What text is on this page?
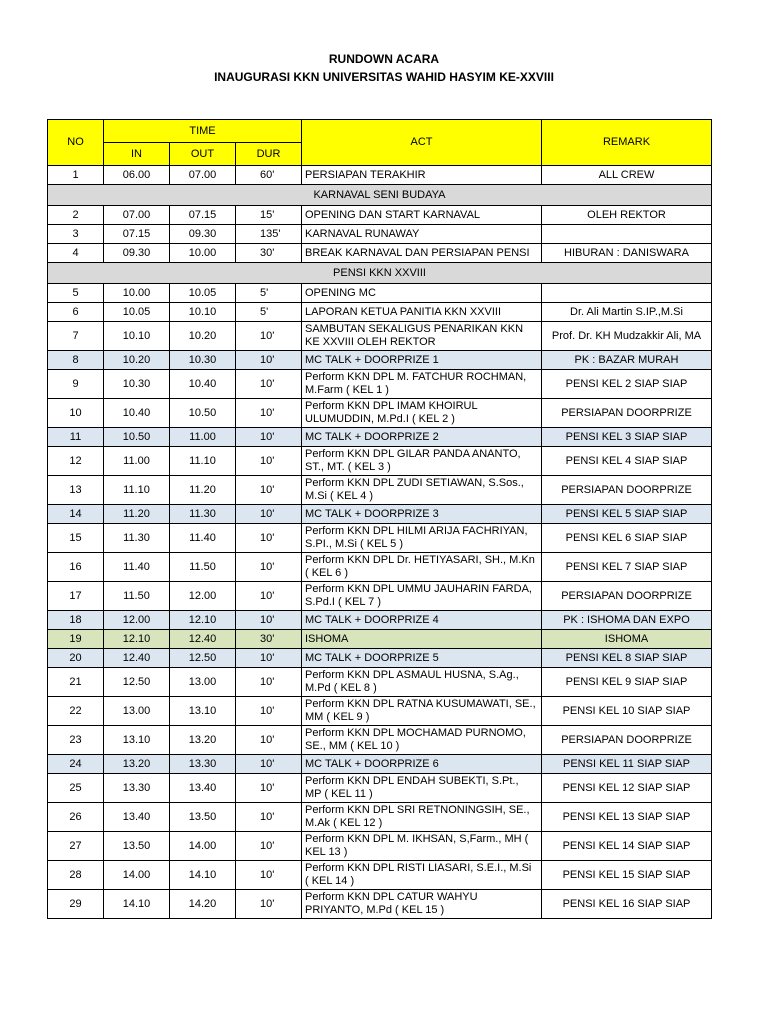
RUNDOWN ACARA
INAUGURASI KKN UNIVERSITAS WAHID HASYIM KE-XXVIII
NO	TIME			ACT	REMARK
	IN	OUT	DUR		
1	06.00	07.00	60'	PERSIAPAN TERAKHIR	ALL CREW
KARNAVAL SENI BUDAYA					
2	07.00	07.15	15'	OPENING DAN START KARNAVAL	OLEH REKTOR
3	07.15	09.30	135'	KARNAVAL RUNAWAY	
4	09.30	10.00	30'	BREAK KARNAVAL DAN PERSIAPAN PENSI	HIBURAN : DANISWARA
PENSI KKN XXVIII					
5	10.00	10.05	5'	OPENING MC	
6	10.05	10.10	5'	LAPORAN KETUA PANITIA KKN XXVIII	Dr. Ali Martin S.IP.,M.Si
7	10.10	10.20	10'	SAMBUTAN SEKALIGUS PENARIKAN KKN KE XXVIII OLEH REKTOR	Prof. Dr. KH Mudzakkir Ali, MA
8	10.20	10.30	10'	MC TALK + DOORPRIZE 1	PK : BAZAR MURAH
9	10.30	10.40	10'	Perform KKN DPL M. FATCHUR ROCHMAN, M.Farm ( KEL 1 )	PENSI KEL 2 SIAP SIAP
10	10.40	10.50	10'	Perform KKN DPL IMAM KHOIRUL ULUMUDDIN, M.Pd.I ( KEL 2 )	PERSIAPAN DOORPRIZE
11	10.50	11.00	10'	MC TALK + DOORPRIZE 2	PENSI KEL 3 SIAP SIAP
12	11.00	11.10	10'	Perform KKN DPL GILAR PANDA ANANTO, ST., MT. ( KEL 3 )	PENSI KEL 4 SIAP SIAP
13	11.10	11.20	10'	Perform KKN DPL ZUDI SETIAWAN, S.Sos., M.Si ( KEL 4 )	PERSIAPAN DOORPRIZE
14	11.20	11.30	10'	MC TALK + DOORPRIZE 3	PENSI KEL 5 SIAP SIAP
15	11.30	11.40	10'	Perform KKN DPL HILMI ARIJA FACHRIYAN, S.PI., M.Si ( KEL 5 )	PENSI KEL 6 SIAP SIAP
16	11.40	11.50	10'	Perform KKN DPL Dr. HETIYASARI, SH., M.Kn ( KEL 6 )	PENSI KEL 7 SIAP SIAP
17	11.50	12.00	10'	Perform KKN DPL UMMU JAUHARIN FARDA, S.Pd.I ( KEL 7 )	PERSIAPAN DOORPRIZE
18	12.00	12.10	10'	MC TALK + DOORPRIZE 4	PK : ISHOMA DAN EXPO
19	12.10	12.40	30'	ISHOMA	ISHOMA
20	12.40	12.50	10'	MC TALK + DOORPRIZE 5	PENSI KEL 8 SIAP SIAP
21	12.50	13.00	10'	Perform KKN DPL ASMAUL HUSNA, S.Ag., M.Pd ( KEL 8 )	PENSI KEL 9 SIAP SIAP
22	13.00	13.10	10'	Perform KKN DPL RATNA KUSUMAWATI, SE., MM ( KEL 9 )	PENSI KEL 10 SIAP SIAP
23	13.10	13.20	10'	Perform KKN DPL MOCHAMAD PURNOMO, SE., MM ( KEL 10 )	PERSIAPAN DOORPRIZE
24	13.20	13.30	10'	MC TALK + DOORPRIZE 6	PENSI KEL 11 SIAP SIAP
25	13.30	13.40	10'	Perform KKN DPL ENDAH SUBEKTI, S.Pt., MP ( KEL 11 )	PENSI KEL 12 SIAP SIAP
26	13.40	13.50	10'	Perform KKN DPL SRI RETNONINGSIH, SE., M.Ak ( KEL 12 )	PENSI KEL 13 SIAP SIAP
27	13.50	14.00	10'	Perform KKN DPL M. IKHSAN, S,Farm., MH ( KEL 13 )	PENSI KEL 14 SIAP SIAP
28	14.00	14.10	10'	Perform KKN DPL RISTI LIASARI, S.E.I., M.Si ( KEL 14 )	PENSI KEL 15 SIAP SIAP
29	14.10	14.20	10'	Perform KKN DPL CATUR WAHYU PRIYANTO, M.Pd ( KEL 15 )	PENSI KEL 16 SIAP SIAP
